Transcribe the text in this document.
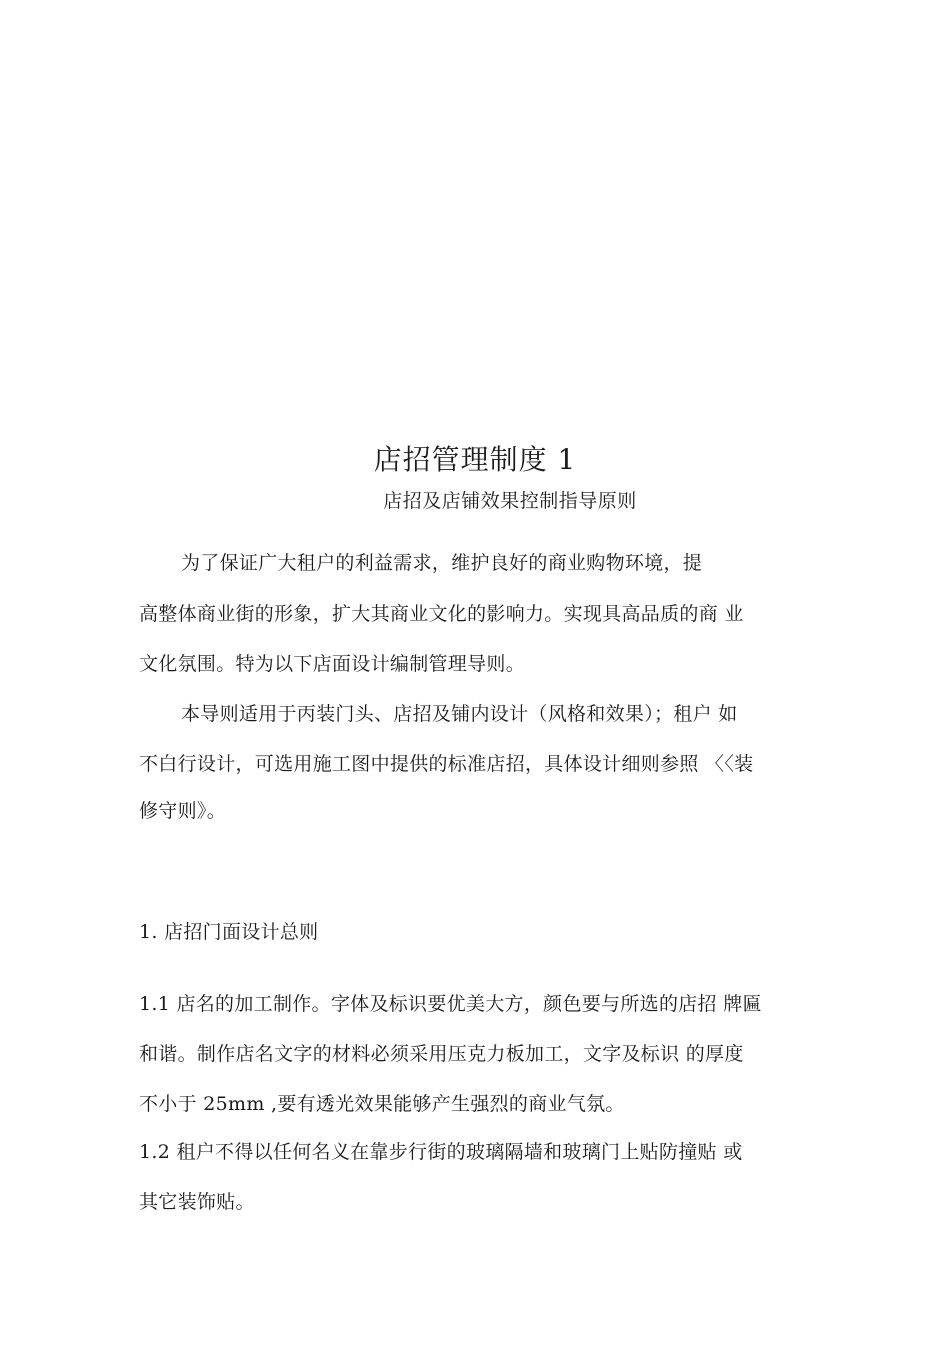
店招管理制度 1
店招及店铺效果控制指导原则
为了保证广大租户的利益需求，维护良好的商业购物环境，提
高整体商业街的形象，扩大其商业文化的影响力。实现具高品质的商 业
文化氛围。特为以下店面设计编制管理导则。
本导则适用于丙装门头、店招及铺内设计（风格和效果）；租户 如
不白行设计，可选用施工图中提供的标准店招，具体设计细则参照 〈〈装
修守则》。
1. 店招门面设计总则
1.1 店名的加工制作。字体及标识要优美大方，颜色要与所选的店招 牌匾
和谐。制作店名文字的材料必须采用压克力板加工，文字及标识 的厚度
不小于 25mm ,要有透光效果能够产生强烈的商业气氛。
1.2 租户不得以任何名义在靠步行街的玻璃隔墙和玻璃门上贴防撞贴 或
其它装饰贴。
